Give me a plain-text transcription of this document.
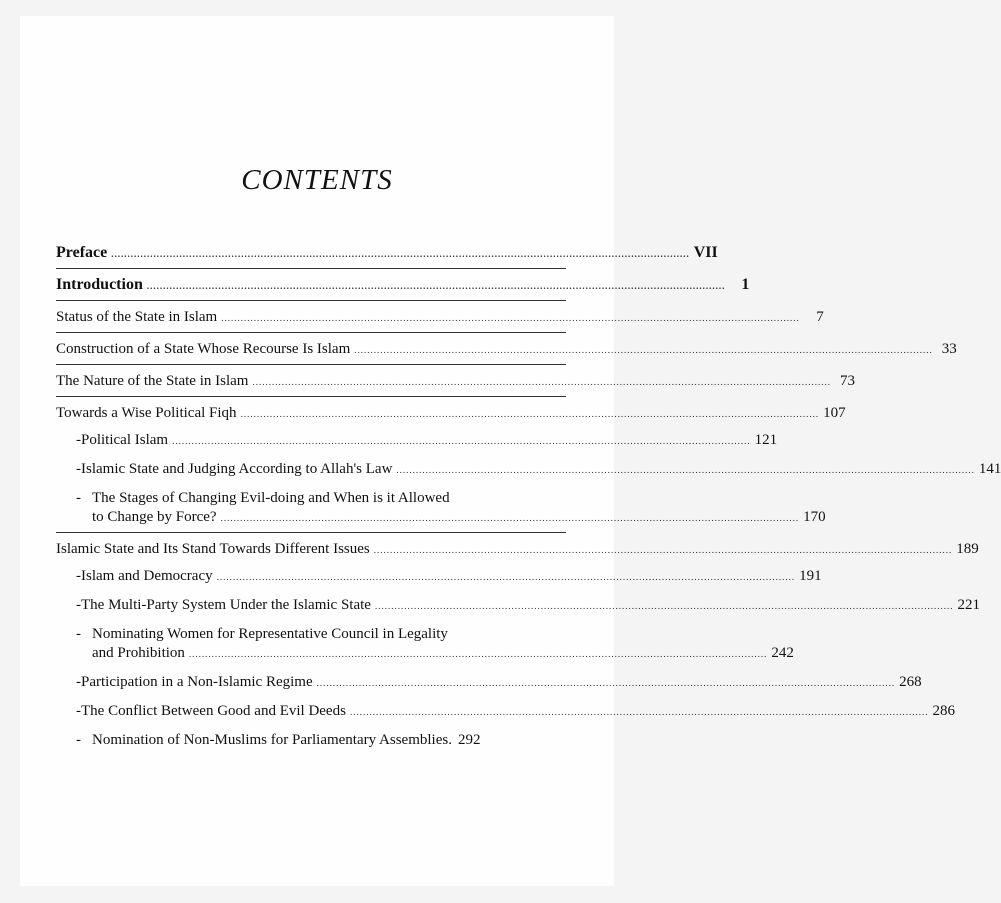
CONTENTS
Preface .................................................................................................................................................................................. VII
Introduction ..................................................................................................................................................................................	1
Status of the State in Islam ..................................................................................................................................................................................	7
Construction of a State Whose Recourse Is Islam .................................................................................................................................................................................. 33
The Nature of the State in Islam .................................................................................................................................................................................. 73
Towards a Wise Political Fiqh .................................................................................................................................................................................. 107
- Political Islam .................................................................................................................................................................................. 121
- Islamic State and Judging According to Allah's Law .................................................................................................................................................................................. 141
- The Stages of Changing Evil-doing and When is it Allowed
to Change by Force? .................................................................................................................................................................................. 170
Islamic State and Its Stand Towards Different Issues .................................................................................................................................................................................. 189
- Islam and Democracy .................................................................................................................................................................................. 191
- The Multi-Party System Under the Islamic State .................................................................................................................................................................................. 221
- Nominating Women for Representative Council in Legality
and Prohibition .................................................................................................................................................................................. 242
- Participation in a Non-Islamic Regime .................................................................................................................................................................................. 268
- The Conflict Between Good and Evil Deeds .................................................................................................................................................................................. 286
- Nomination of Non-Muslims for Parliamentary Assemblies. 292
